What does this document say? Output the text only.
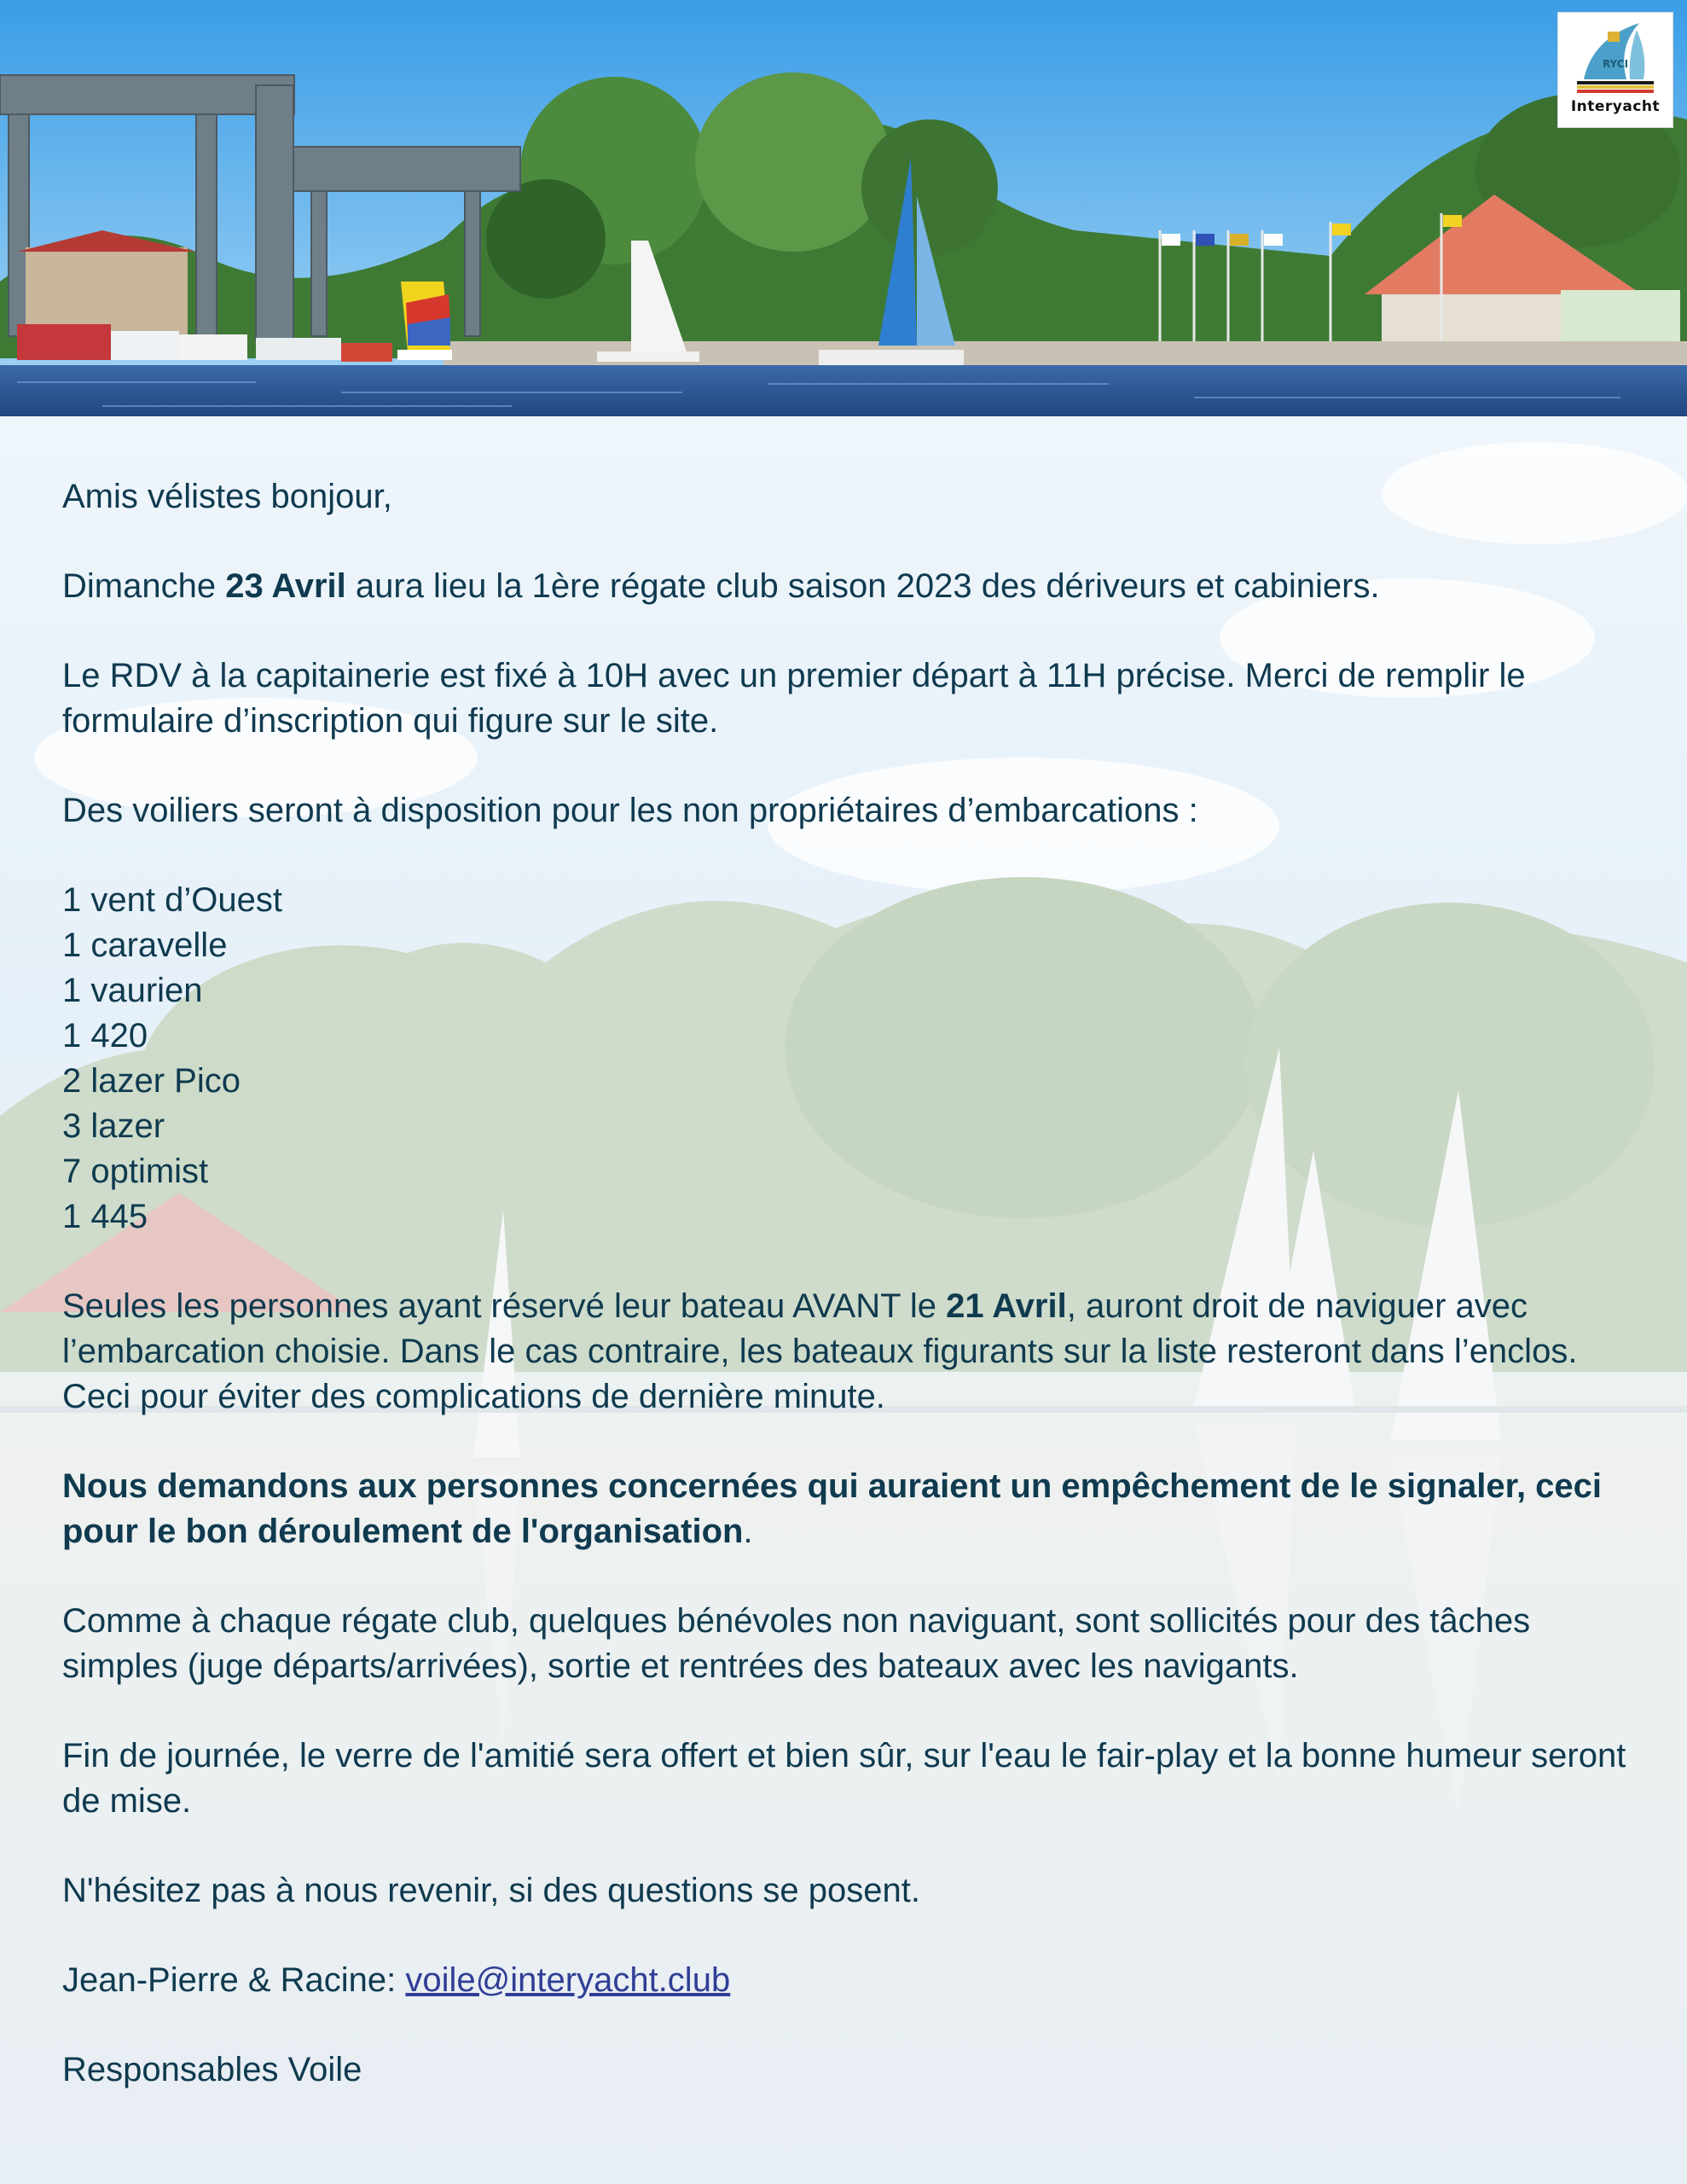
RYCI
Interyacht

Amis vélistes bonjour,

Dimanche 23 Avril aura lieu la 1ère régate club saison 2023 des dériveurs et cabiniers.

Le RDV à la capitainerie est fixé à 10H avec un premier départ à 11H précise. Merci de remplir le formulaire d’inscription qui figure sur le site.

Des voiliers seront à disposition pour les non propriétaires d’embarcations :

1 vent d’Ouest
1 caravelle
1 vaurien
1 420
2 lazer Pico
3 lazer
7 optimist
1 445

Seules les personnes ayant réservé leur bateau AVANT le 21 Avril, auront droit de naviguer avec l’embarcation choisie. Dans le cas contraire, les bateaux figurants sur la liste resteront dans l’enclos. Ceci pour éviter des complications de dernière minute.

Nous demandons aux personnes concernées qui auraient un empêchement de le signaler, ceci pour le bon déroulement de l'organisation.

Comme à chaque régate club, quelques bénévoles non naviguant, sont sollicités pour des tâches simples (juge départs/arrivées), sortie et rentrées des bateaux avec les navigants.

Fin de journée, le verre de l'amitié sera offert et bien sûr, sur l'eau le fair-play et la bonne humeur seront de mise.

N'hésitez pas à nous revenir, si des questions se posent.

Jean-Pierre & Racine: voile@interyacht.club

Responsables Voile
